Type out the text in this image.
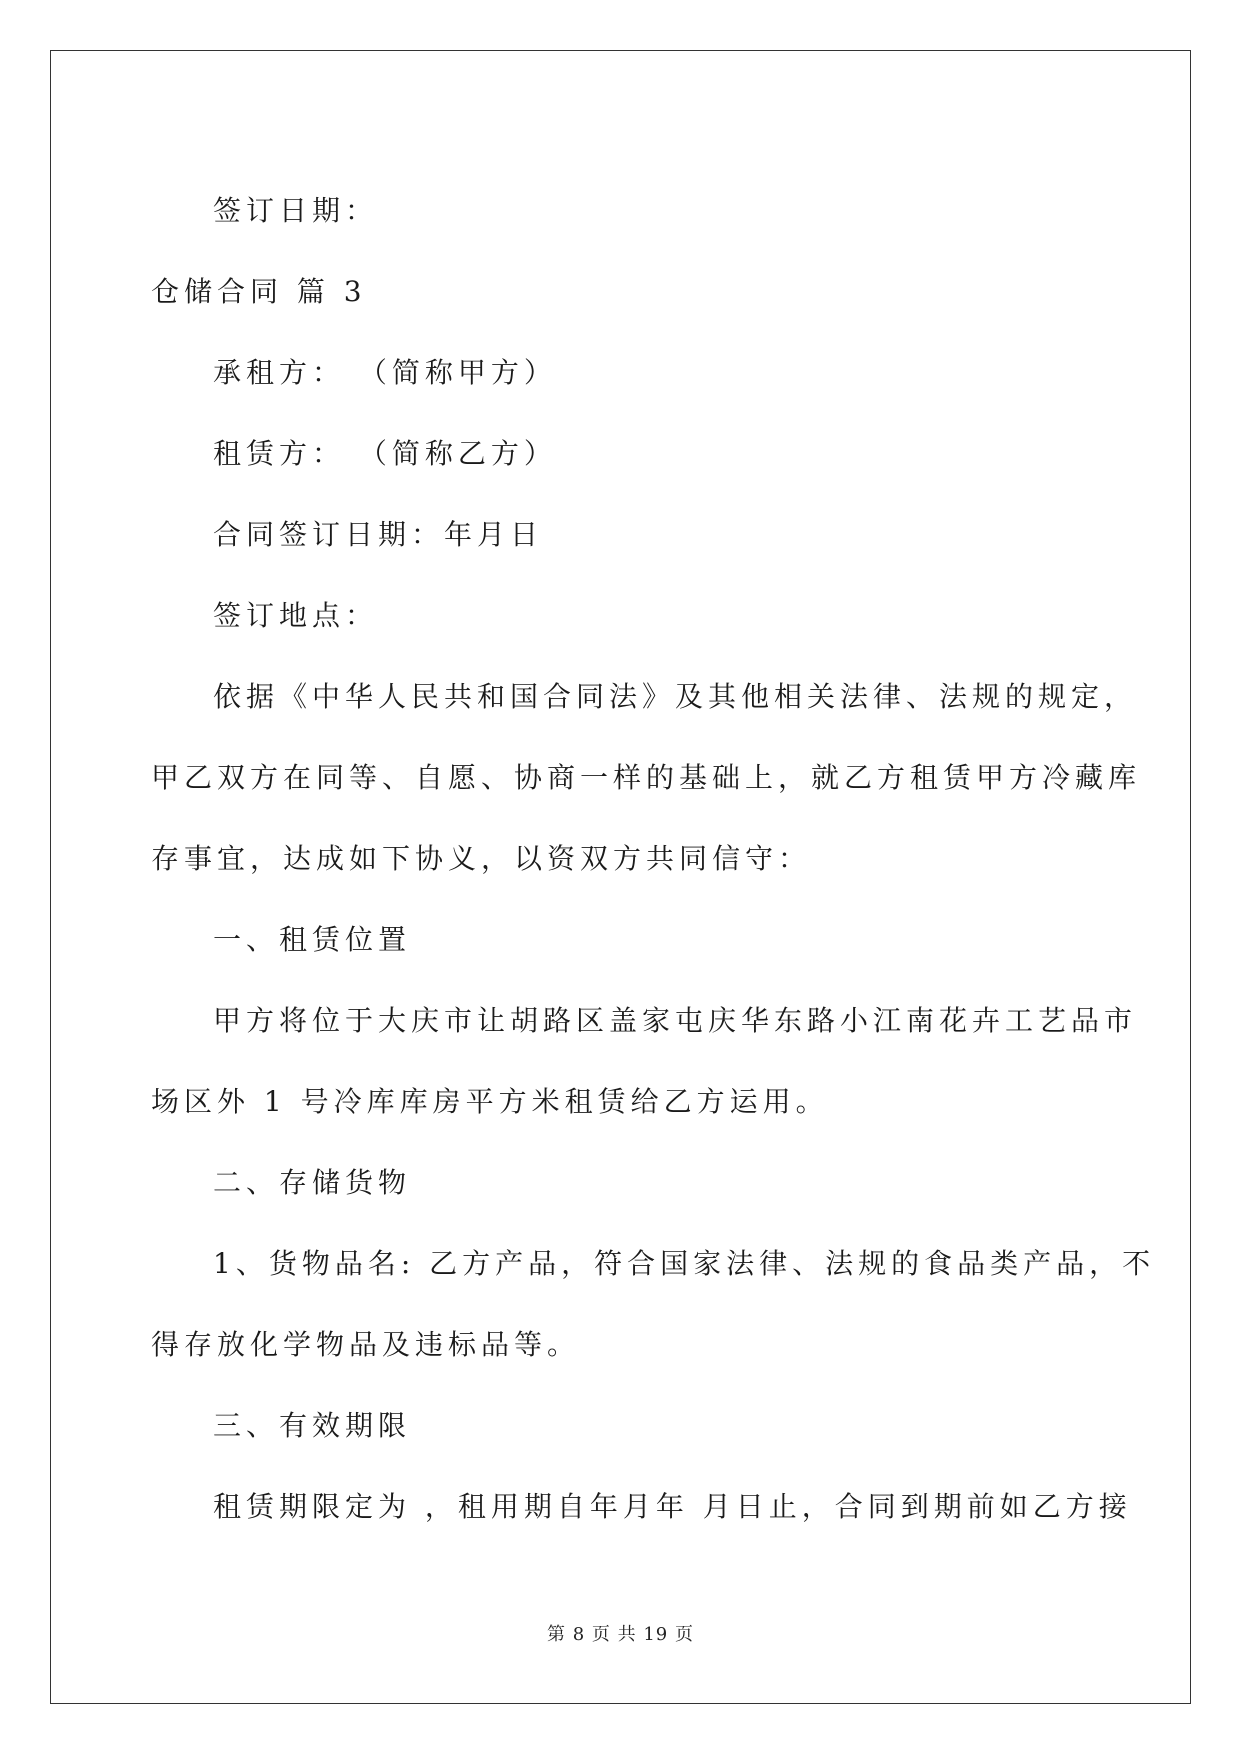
签订日期：

仓储合同 篇 3

承租方： （简称甲方）

租赁方： （简称乙方）

合同签订日期：年月日

签订地点：

依据《中华人民共和国合同法》及其他相关法律、法规的规定，

甲乙双方在同等、自愿、协商一样的基础上，就乙方租赁甲方冷藏库

存事宜，达成如下协义，以资双方共同信守：

一、租赁位置

甲方将位于大庆市让胡路区盖家屯庆华东路小江南花卉工艺品市

场区外 1 号冷库库房平方米租赁给乙方运用。

二、存储货物

1、货物品名: 乙方产品，符合国家法律、法规的食品类产品，不

得存放化学物品及违标品等。

三、有效期限

租赁期限定为 ，租用期自年月年 月日止，合同到期前如乙方接

第 8 页 共 19 页
